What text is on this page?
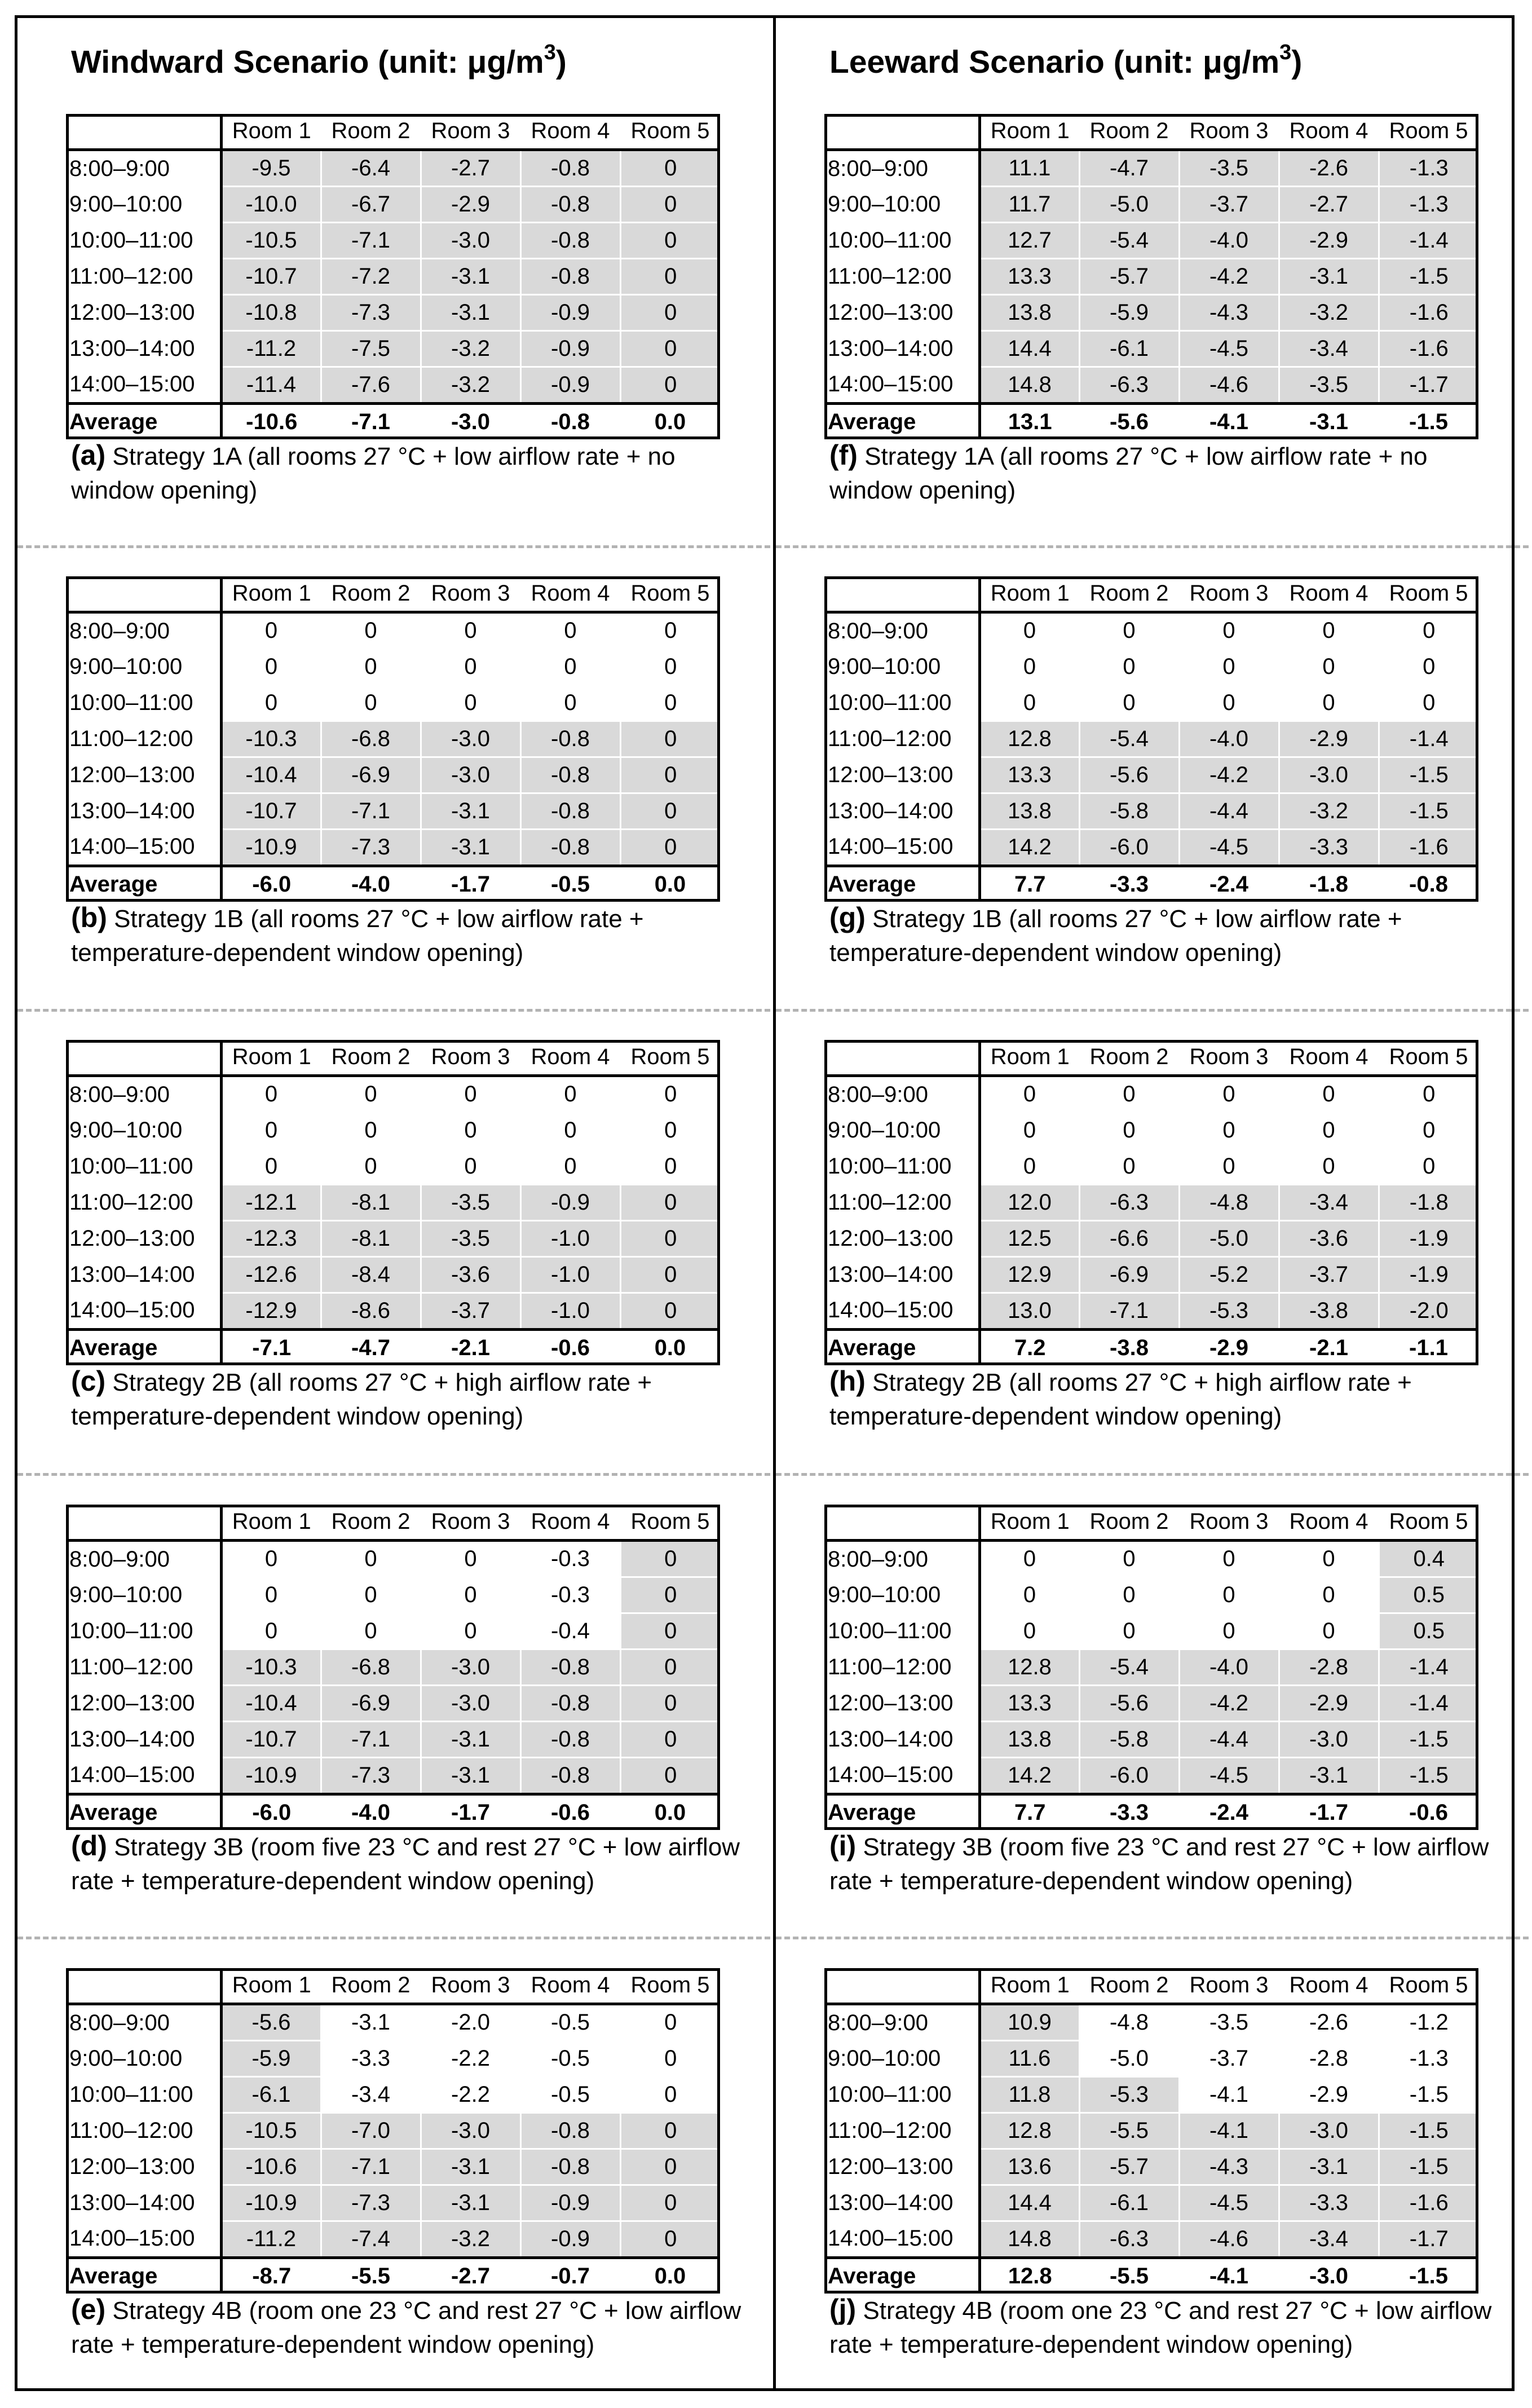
Windward Scenario (unit: $\mu g/m^3$)
	Room 1	Room 2	Room 3	Room 4	Room 5
8:00–9:00	-9.5	-6.4	-2.7	-0.8	0
9:00–10:00	-10.0	-6.7	-2.9	-0.8	0
10:00–11:00	-10.5	-7.1	-3.0	-0.8	0
11:00–12:00	-10.7	-7.2	-3.1	-0.8	0
12:00–13:00	-10.8	-7.3	-3.1	-0.9	0
13:00–14:00	-11.2	-7.5	-3.2	-0.9	0
14:00–15:00	-11.4	-7.6	-3.2	-0.9	0
Average	-10.6	-7.1	-3.0	-0.8	0.0
(a) Strategy 1A (all rooms 27 °C + low airflow rate + no window opening)
	Room 1	Room 2	Room 3	Room 4	Room 5
8:00–9:00	0	0	0	0	0
9:00–10:00	0	0	0	0	0
10:00–11:00	0	0	0	0	0
11:00–12:00	-10.3	-6.8	-3.0	-0.8	0
12:00–13:00	-10.4	-6.9	-3.0	-0.8	0
13:00–14:00	-10.7	-7.1	-3.1	-0.8	0
14:00–15:00	-10.9	-7.3	-3.1	-0.8	0
Average	-6.0	-4.0	-1.7	-0.5	0.0
(b) Strategy 1B (all rooms 27 °C + low airflow rate + temperature-dependent window opening)
	Room 1	Room 2	Room 3	Room 4	Room 5
8:00–9:00	0	0	0	0	0
9:00–10:00	0	0	0	0	0
10:00–11:00	0	0	0	0	0
11:00–12:00	-12.1	-8.1	-3.5	-0.9	0
12:00–13:00	-12.3	-8.1	-3.5	-1.0	0
13:00–14:00	-12.6	-8.4	-3.6	-1.0	0
14:00–15:00	-12.9	-8.6	-3.7	-1.0	0
Average	-7.1	-4.7	-2.1	-0.6	0.0
(c) Strategy 2B (all rooms 27 °C + high airflow rate + temperature-dependent window opening)
	Room 1	Room 2	Room 3	Room 4	Room 5
8:00–9:00	0	0	0	-0.3	0
9:00–10:00	0	0	0	-0.3	0
10:00–11:00	0	0	0	-0.4	0
11:00–12:00	-10.3	-6.8	-3.0	-0.8	0
12:00–13:00	-10.4	-6.9	-3.0	-0.8	0
13:00–14:00	-10.7	-7.1	-3.1	-0.8	0
14:00–15:00	-10.9	-7.3	-3.1	-0.8	0
Average	-6.0	-4.0	-1.7	-0.6	0.0
(d) Strategy 3B (room five 23 °C and rest 27 °C + low airflow rate + temperature-dependent window opening)
	Room 1	Room 2	Room 3	Room 4	Room 5
8:00–9:00	-5.6	-3.1	-2.0	-0.5	0
9:00–10:00	-5.9	-3.3	-2.2	-0.5	0
10:00–11:00	-6.1	-3.4	-2.2	-0.5	0
11:00–12:00	-10.5	-7.0	-3.0	-0.8	0
12:00–13:00	-10.6	-7.1	-3.1	-0.8	0
13:00–14:00	-10.9	-7.3	-3.1	-0.9	0
14:00–15:00	-11.2	-7.4	-3.2	-0.9	0
Average	-8.7	-5.5	-2.7	-0.7	0.0
(e) Strategy 4B (room one 23 °C and rest 27 °C + low airflow rate + temperature-dependent window opening)
Leeward Scenario (unit: $\mu g/m^3$)
	Room 1	Room 2	Room 3	Room 4	Room 5
8:00–9:00	11.1	-4.7	-3.5	-2.6	-1.3
9:00–10:00	11.7	-5.0	-3.7	-2.7	-1.3
10:00–11:00	12.7	-5.4	-4.0	-2.9	-1.4
11:00–12:00	13.3	-5.7	-4.2	-3.1	-1.5
12:00–13:00	13.8	-5.9	-4.3	-3.2	-1.6
13:00–14:00	14.4	-6.1	-4.5	-3.4	-1.6
14:00–15:00	14.8	-6.3	-4.6	-3.5	-1.7
Average	13.1	-5.6	-4.1	-3.1	-1.5
(f) Strategy 1A (all rooms 27 °C + low airflow rate + no window opening)
	Room 1	Room 2	Room 3	Room 4	Room 5
8:00–9:00	0	0	0	0	0
9:00–10:00	0	0	0	0	0
10:00–11:00	0	0	0	0	0
11:00–12:00	12.8	-5.4	-4.0	-2.9	-1.4
12:00–13:00	13.3	-5.6	-4.2	-3.0	-1.5
13:00–14:00	13.8	-5.8	-4.4	-3.2	-1.5
14:00–15:00	14.2	-6.0	-4.5	-3.3	-1.6
Average	7.7	-3.3	-2.4	-1.8	-0.8
(g) Strategy 1B (all rooms 27 °C + low airflow rate + temperature-dependent window opening)
	Room 1	Room 2	Room 3	Room 4	Room 5
8:00–9:00	0	0	0	0	0
9:00–10:00	0	0	0	0	0
10:00–11:00	0	0	0	0	0
11:00–12:00	12.0	-6.3	-4.8	-3.4	-1.8
12:00–13:00	12.5	-6.6	-5.0	-3.6	-1.9
13:00–14:00	12.9	-6.9	-5.2	-3.7	-1.9
14:00–15:00	13.0	-7.1	-5.3	-3.8	-2.0
Average	7.2	-3.8	-2.9	-2.1	-1.1
(h) Strategy 2B (all rooms 27 °C + high airflow rate + temperature-dependent window opening)
	Room 1	Room 2	Room 3	Room 4	Room 5
8:00–9:00	0	0	0	0	0.4
9:00–10:00	0	0	0	0	0.5
10:00–11:00	0	0	0	0	0.5
11:00–12:00	12.8	-5.4	-4.0	-2.8	-1.4
12:00–13:00	13.3	-5.6	-4.2	-2.9	-1.4
13:00–14:00	13.8	-5.8	-4.4	-3.0	-1.5
14:00–15:00	14.2	-6.0	-4.5	-3.1	-1.5
Average	7.7	-3.3	-2.4	-1.7	-0.6
(i) Strategy 3B (room five 23 °C and rest 27 °C + low airflow rate + temperature-dependent window opening)
	Room 1	Room 2	Room 3	Room 4	Room 5
8:00–9:00	10.9	-4.8	-3.5	-2.6	-1.2
9:00–10:00	11.6	-5.0	-3.7	-2.8	-1.3
10:00–11:00	11.8	-5.3	-4.1	-2.9	-1.5
11:00–12:00	12.8	-5.5	-4.1	-3.0	-1.5
12:00–13:00	13.6	-5.7	-4.3	-3.1	-1.5
13:00–14:00	14.4	-6.1	-4.5	-3.3	-1.6
14:00–15:00	14.8	-6.3	-4.6	-3.4	-1.7
Average	12.8	-5.5	-4.1	-3.0	-1.5
(j) Strategy 4B (room one 23 °C and rest 27 °C + low airflow rate + temperature-dependent window opening)
